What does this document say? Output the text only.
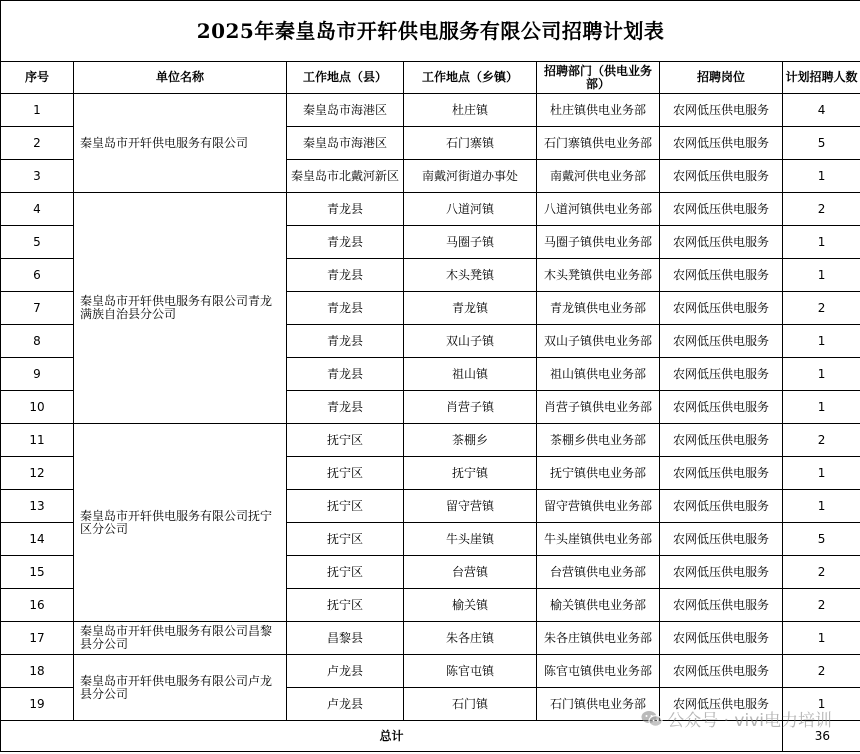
2025年秦皇岛市开轩供电服务有限公司招聘计划表						
序号	单位名称	工作地点（县）	工作地点（乡镇）	招聘部门（供电业务部）	招聘岗位	计划招聘人数
1	秦皇岛市开轩供电服务有限公司	秦皇岛市海港区	杜庄镇	杜庄镇供电业务部	农网低压供电服务	4
2		秦皇岛市海港区	石门寨镇	石门寨镇供电业务部	农网低压供电服务	5
3		秦皇岛市北戴河新区	南戴河街道办事处	南戴河供电业务部	农网低压供电服务	1
4	秦皇岛市开轩供电服务有限公司青龙满族自治县分公司	青龙县	八道河镇	八道河镇供电业务部	农网低压供电服务	2
5		青龙县	马圈子镇	马圈子镇供电业务部	农网低压供电服务	1
6		青龙县	木头凳镇	木头凳镇供电业务部	农网低压供电服务	1
7		青龙县	青龙镇	青龙镇供电业务部	农网低压供电服务	2
8		青龙县	双山子镇	双山子镇供电业务部	农网低压供电服务	1
9		青龙县	祖山镇	祖山镇供电业务部	农网低压供电服务	1
10		青龙县	肖营子镇	肖营子镇供电业务部	农网低压供电服务	1
11	秦皇岛市开轩供电服务有限公司抚宁区分公司	抚宁区	茶棚乡	茶棚乡供电业务部	农网低压供电服务	2
12		抚宁区	抚宁镇	抚宁镇供电业务部	农网低压供电服务	1
13		抚宁区	留守营镇	留守营镇供电业务部	农网低压供电服务	1
14		抚宁区	牛头崖镇	牛头崖镇供电业务部	农网低压供电服务	5
15		抚宁区	台营镇	台营镇供电业务部	农网低压供电服务	2
16		抚宁区	榆关镇	榆关镇供电业务部	农网低压供电服务	2
17	秦皇岛市开轩供电服务有限公司昌黎县分公司	昌黎县	朱各庄镇	朱各庄镇供电业务部	农网低压供电服务	1
18	秦皇岛市开轩供电服务有限公司卢龙县分公司	卢龙县	陈官屯镇	陈官屯镇供电业务部	农网低压供电服务	2
19		卢龙县	石门镇	石门镇供电业务部	农网低压供电服务	1
总计						36
公众号 · vivi电力培训
